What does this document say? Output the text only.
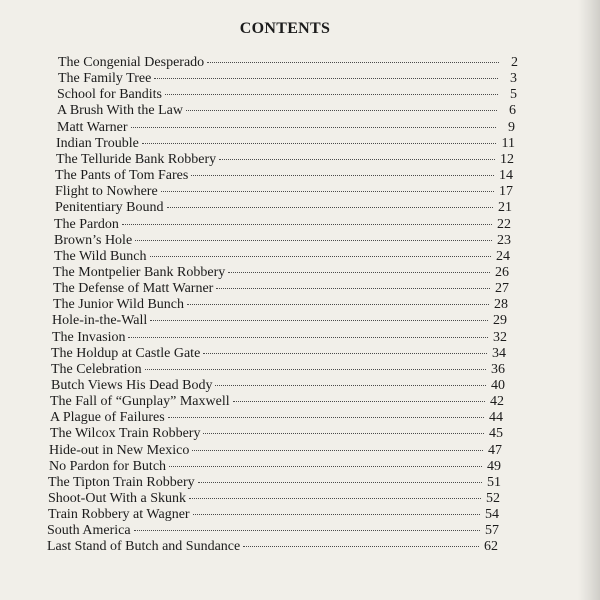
CONTENTS
The Congenial Desperado	2
The Family Tree	3
School for Bandits	5
A Brush With the Law	6
Matt Warner	9
Indian Trouble	11
The Telluride Bank Robbery	12
The Pants of Tom Fares	14
Flight to Nowhere	17
Penitentiary Bound	21
The Pardon	22
Brown’s Hole	23
The Wild Bunch	24
The Montpelier Bank Robbery	26
The Defense of Matt Warner	27
The Junior Wild Bunch	28
Hole-in-the-Wall	29
The Invasion	32
The Holdup at Castle Gate	34
The Celebration	36
Butch Views His Dead Body	40
The Fall of “Gunplay” Maxwell	42
A Plague of Failures	44
The Wilcox Train Robbery	45
Hide-out in New Mexico	47
No Pardon for Butch	49
The Tipton Train Robbery	51
Shoot-Out With a Skunk	52
Train Robbery at Wagner	54
South America	57
Last Stand of Butch and Sundance	62
